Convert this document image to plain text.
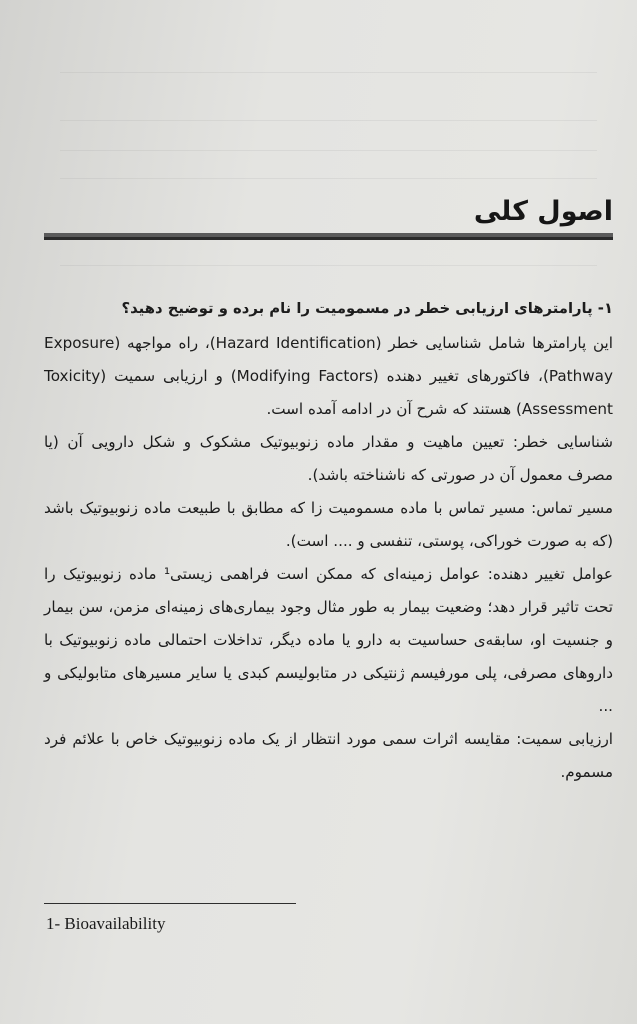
اصول کلی

۱- پارامترهای ارزیابی خطر در مسمومیت را نام برده و توضیح دهید؟

این پارامترها شامل شناسایی خطر (Hazard Identification)، راه مواجهه (Exposure Pathway)، فاکتورهای تغییر دهنده (Modifying Factors) و ارزیابی سمیت (Toxicity Assessment) هستند که شرح آن در ادامه آمده است.

شناسایی خطر: تعیین ماهیت و مقدار ماده زنوبیوتیک مشکوک و شکل دارویی آن (یا مصرف معمول آن در صورتی که ناشناخته باشد).

مسیر تماس: مسیر تماس با ماده مسمومیت زا که مطابق با طبیعت ماده زنوبیوتیک باشد (که به صورت خوراکی، پوستی، تنفسی و .... است).

عوامل تغییر دهنده: عوامل زمینه‌ای که ممکن است فراهمی زیستی¹ ماده زنوبیوتیک را تحت تاثیر قرار دهد؛ وضعیت بیمار به طور مثال وجود بیماری‌های زمینه‌ای مزمن، سن بیمار و جنسیت او، سابقه‌ی حساسیت به دارو یا ماده دیگر، تداخلات احتمالی ماده زنوبیوتیک با داروهای مصرفی، پلی مورفیسم ژنتیکی در متابولیسم کبدی یا سایر مسیرهای متابولیکی و ...

ارزیابی سمیت: مقایسه اثرات سمی مورد انتظار از یک ماده زنوبیوتیک خاص با علائم فرد مسموم.

1- Bioavailability
